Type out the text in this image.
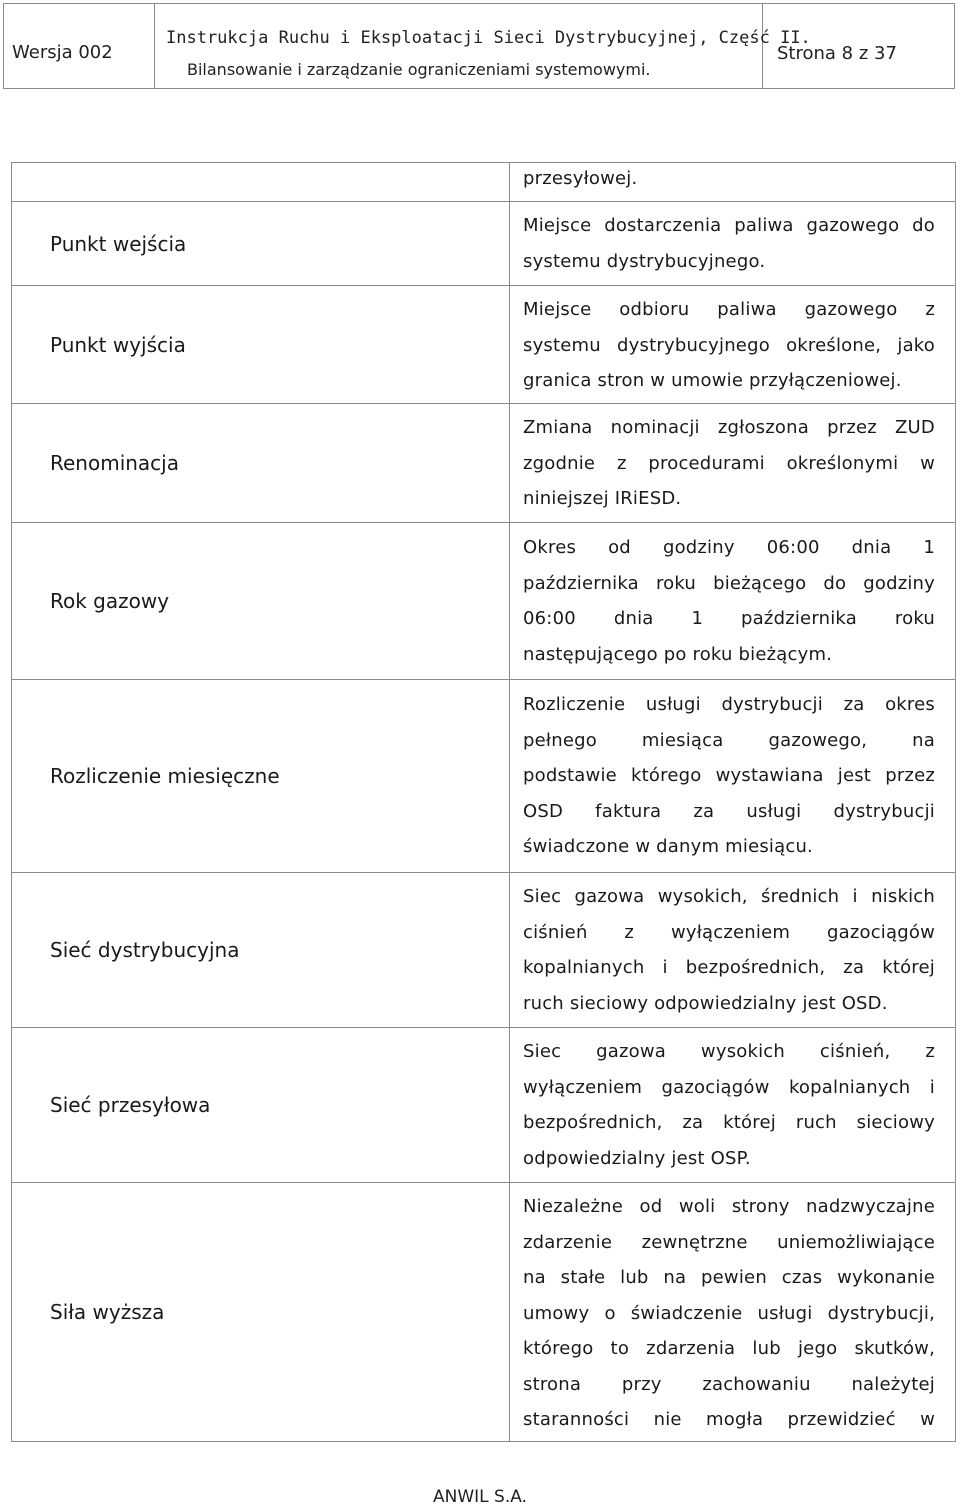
Wersja 002
Instrukcja Ruchu i Eksploatacji Sieci Dystrybucyjnej, Część II.
Bilansowanie i zarządzanie ograniczeniami systemowymi.
Strona 8 z 37
przesyłowej.
Punkt wejścia
Miejsce dostarczenia paliwa gazowego do
systemu dystrybucyjnego.
Punkt wyjścia
Miejsce odbioru paliwa gazowego z
systemu dystrybucyjnego określone, jako
granica stron w umowie przyłączeniowej.
Renominacja
Zmiana nominacji zgłoszona przez ZUD
zgodnie z procedurami określonymi w
niniejszej IRiESD.
Rok gazowy
Okres od godziny 06:00 dnia 1
października roku bieżącego do godziny
06:00 dnia 1 października roku
następującego po roku bieżącym.
Rozliczenie miesięczne
Rozliczenie usługi dystrybucji za okres
pełnego miesiąca gazowego, na
podstawie którego wystawiana jest przez
OSD faktura za usługi dystrybucji
świadczone w danym miesiącu.
Sieć dystrybucyjna
Siec gazowa wysokich, średnich i niskich
ciśnień z wyłączeniem gazociągów
kopalnianych i bezpośrednich, za której
ruch sieciowy odpowiedzialny jest OSD.
Sieć przesyłowa
Siec gazowa wysokich ciśnień, z
wyłączeniem gazociągów kopalnianych i
bezpośrednich, za której ruch sieciowy
odpowiedzialny jest OSP.
Siła wyższa
Niezależne od woli strony nadzwyczajne
zdarzenie zewnętrzne uniemożliwiające
na stałe lub na pewien czas wykonanie
umowy o świadczenie usługi dystrybucji,
którego to zdarzenia lub jego skutków,
strona przy zachowaniu należytej
staranności nie mogła przewidzieć w
ANWIL S.A.
